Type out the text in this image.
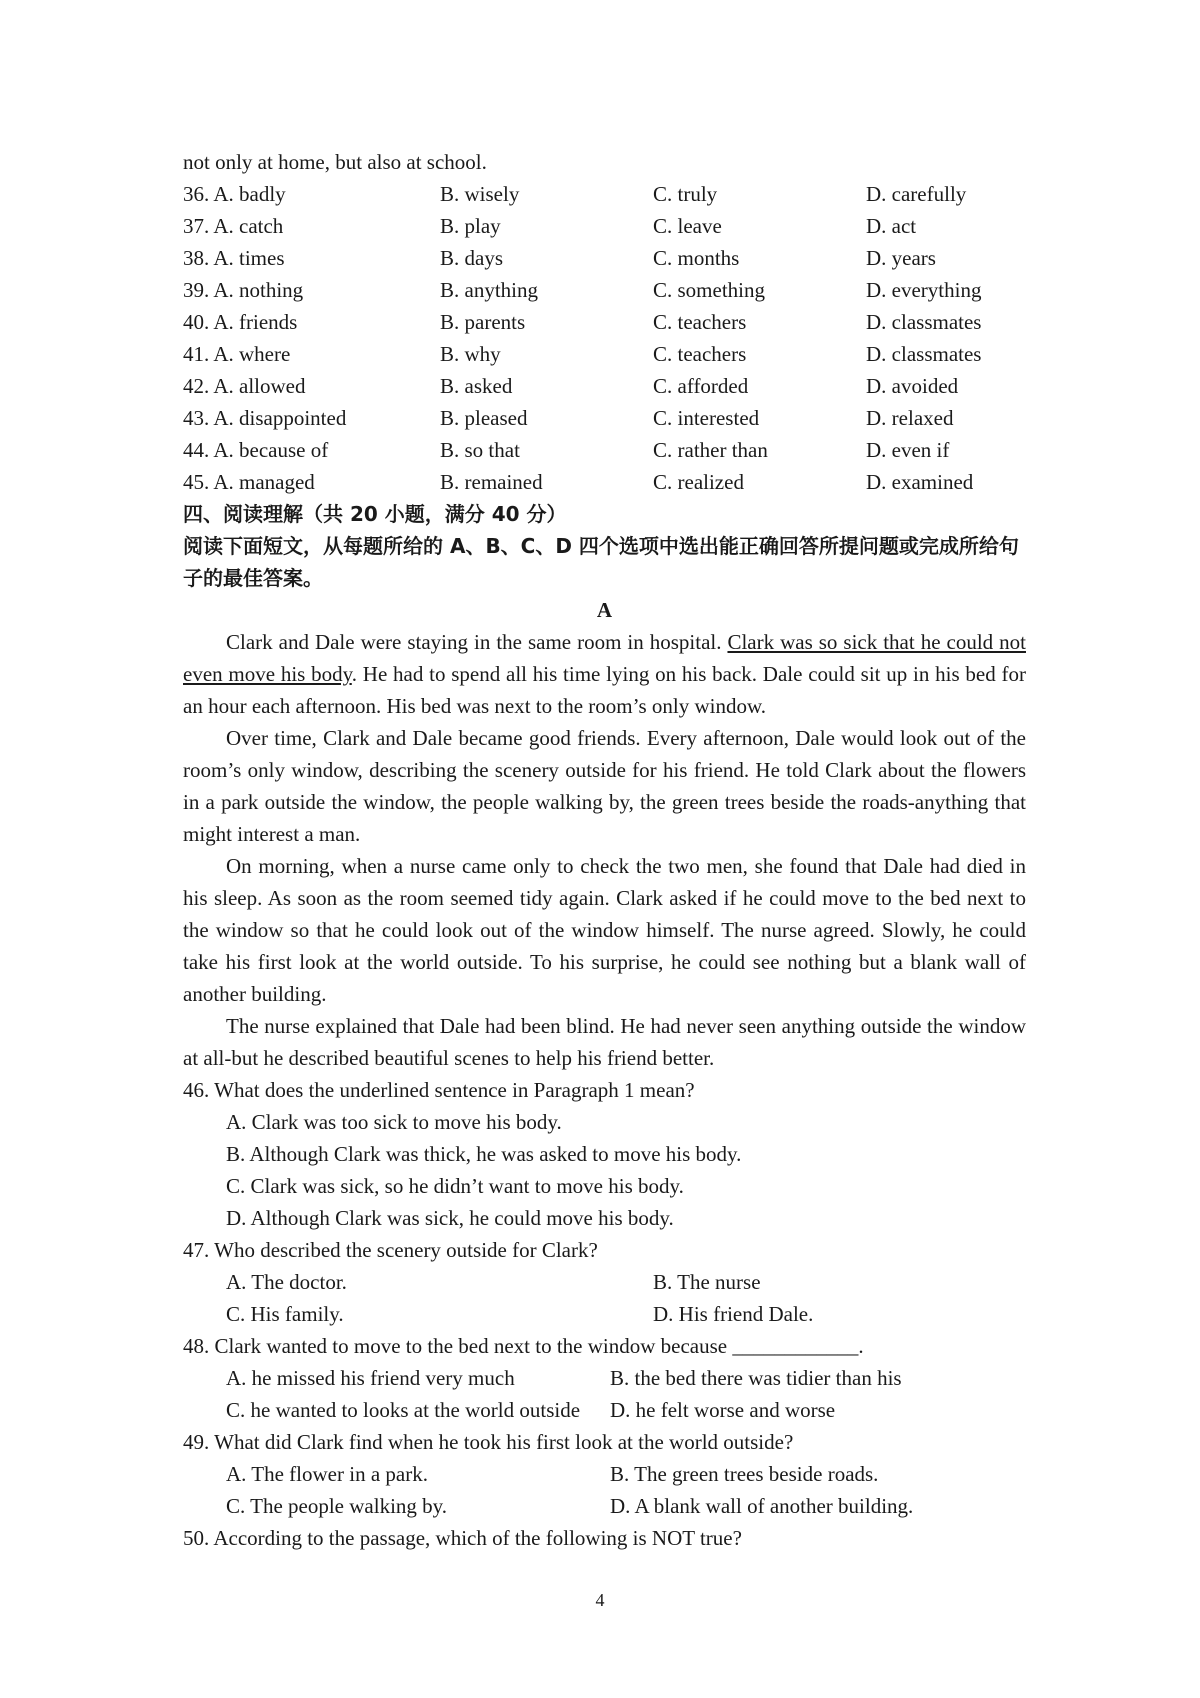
not only at home, but also at school.
36. A. badly	B. wisely	C. truly	D. carefully
37. A. catch	B. play	C. leave	D. act
38. A. times	B. days	C. months	D. years
39. A. nothing	B. anything	C. something	D. everything
40. A. friends	B. parents	C. teachers	D. classmates
41. A. where	B. why	C. teachers	D. classmates
42. A. allowed	B. asked	C. afforded	D. avoided
43. A. disappointed	B. pleased	C. interested	D. relaxed
44. A. because of	B. so that	C. rather than	D. even if
45. A. managed	B. remained	C. realized	D. examined
四、阅读理解（共 20 小题，满分 40 分）
阅读下面短文，从每题所给的 A、B、C、D 四个选项中选出能正确回答所提问题或完成所给句子的最佳答案。
A

Clark and Dale were staying in the same room in hospital. Clark was so sick that he could not even move his body. He had to spend all his time lying on his back. Dale could sit up in his bed for an hour each afternoon. His bed was next to the room’s only window.

Over time, Clark and Dale became good friends. Every afternoon, Dale would look out of the room’s only window, describing the scenery outside for his friend. He told Clark about the flowers in a park outside the window, the people walking by, the green trees beside the roads-anything that might interest a man.

On morning, when a nurse came only to check the two men, she found that Dale had died in his sleep. As soon as the room seemed tidy again. Clark asked if he could move to the bed next to the window so that he could look out of the window himself. The nurse agreed. Slowly, he could take his first look at the world outside. To his surprise, he could see nothing but a blank wall of another building.

The nurse explained that Dale had been blind. He had never seen anything outside the window at all-but he described beautiful scenes to help his friend better.

46. What does the underlined sentence in Paragraph 1 mean?
A. Clark was too sick to move his body.
B. Although Clark was thick, he was asked to move his body.
C. Clark was sick, so he didn’t want to move his body.
D. Although Clark was sick, he could move his body.
47. Who described the scenery outside for Clark?
A. The doctor.	B. The nurse
C. His family.	D. His friend Dale.
48. Clark wanted to move to the bed next to the window because ____________.
A. he missed his friend very much	B. the bed there was tidier than his
C. he wanted to looks at the world outside D. he felt worse and worse
49. What did Clark find when he took his first look at the world outside?
A. The flower in a park.	B. The green trees beside roads.
C. The people walking by.	D. A blank wall of another building.
50. According to the passage, which of the following is NOT true?
4
